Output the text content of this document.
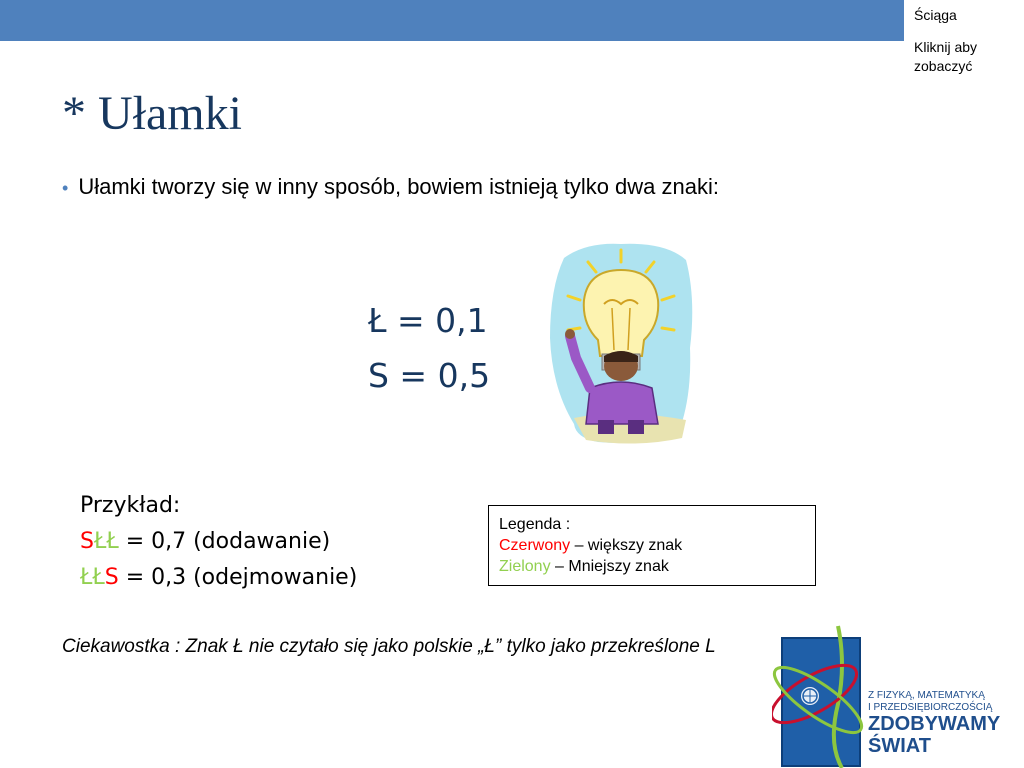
Ściąga
Kliknij aby zobaczyć
* Ułamki
• Ułamki tworzy się w inny sposób, bowiem istnieją tylko dwa znaki:
Ł = 0,1
S = 0,5
Przykład:
SŁŁ = 0,7 (dodawanie)
ŁŁS = 0,3 (odejmowanie)
Legenda :
Czerwony – większy znak
Zielony – Mniejszy znak
Ciekawostka : Znak Ł nie czytało się jako polskie „Ł” tylko jako przekreślone L
Z FIZYKĄ, MATEMATYKĄ
I PRZEDSIĘBIORCZOŚCIĄ
ZDOBYWAMY
ŚWIAT
